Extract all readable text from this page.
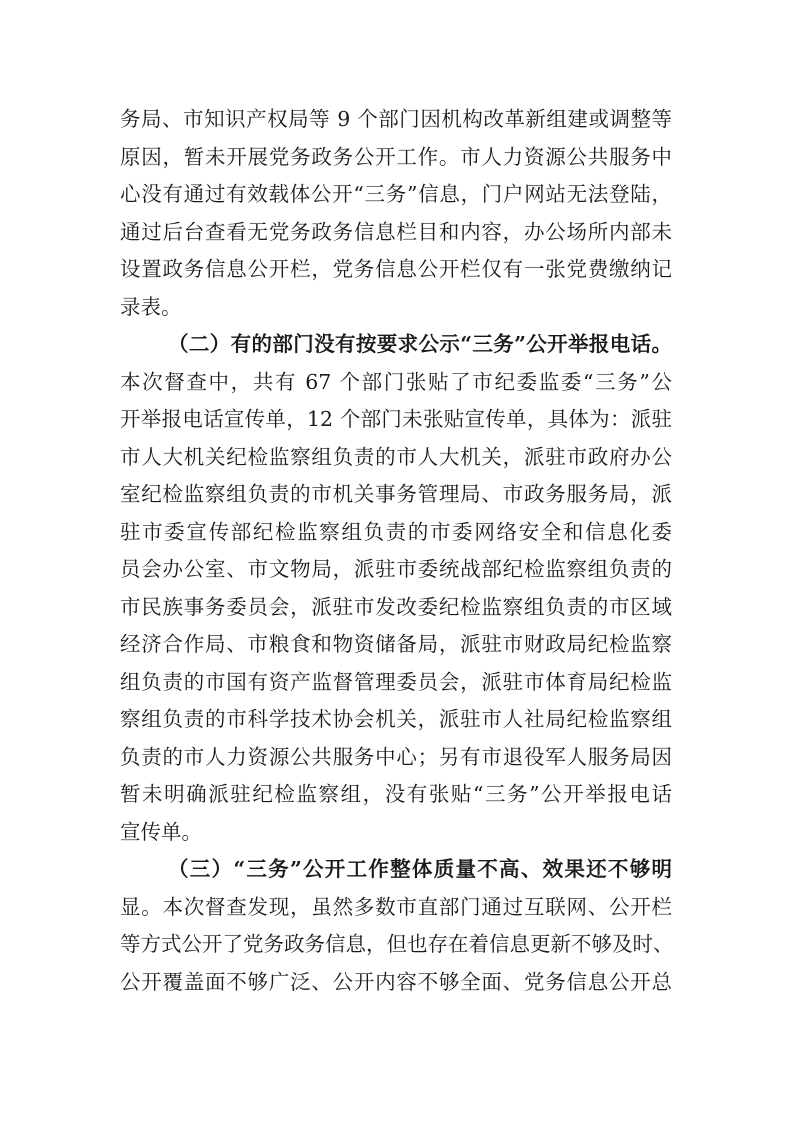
务局、市知识产权局等 9 个部门因机构改革新组建或调整等
原因，暂未开展党务政务公开工作。市人力资源公共服务中
心没有通过有效载体公开“三务”信息，门户网站无法登陆，
通过后台查看无党务政务信息栏目和内容，办公场所内部未
设置政务信息公开栏，党务信息公开栏仅有一张党费缴纳记
录表。
（二）有的部门没有按要求公示“三务”公开举报电话。
本次督查中，共有 67 个部门张贴了市纪委监委“三务”公
开举报电话宣传单，12 个部门未张贴宣传单，具体为：派驻
市人大机关纪检监察组负责的市人大机关，派驻市政府办公
室纪检监察组负责的市机关事务管理局、市政务服务局，派
驻市委宣传部纪检监察组负责的市委网络安全和信息化委
员会办公室、市文物局，派驻市委统战部纪检监察组负责的
市民族事务委员会，派驻市发改委纪检监察组负责的市区域
经济合作局、市粮食和物资储备局，派驻市财政局纪检监察
组负责的市国有资产监督管理委员会，派驻市体育局纪检监
察组负责的市科学技术协会机关，派驻市人社局纪检监察组
负责的市人力资源公共服务中心；另有市退役军人服务局因
暂未明确派驻纪检监察组，没有张贴“三务”公开举报电话
宣传单。
（三）“三务”公开工作整体质量不高、效果还不够明
显。本次督查发现，虽然多数市直部门通过互联网、公开栏
等方式公开了党务政务信息，但也存在着信息更新不够及时、
公开覆盖面不够广泛、公开内容不够全面、党务信息公开总
